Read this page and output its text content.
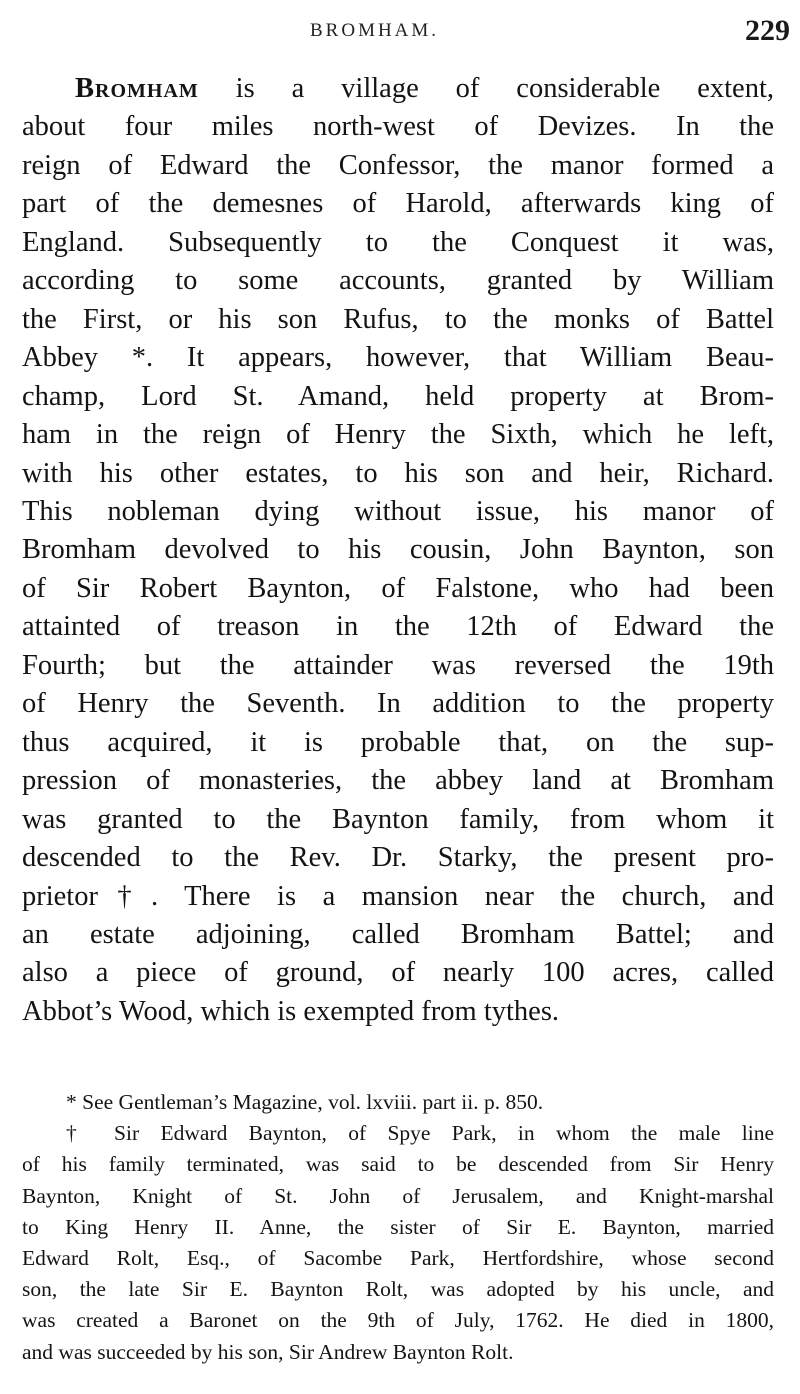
BROMHAM.	229
Bromham is a village of considerable extent,
about four miles north-west of Devizes. In the
reign of Edward the Confessor, the manor formed a
part of the demesnes of Harold, afterwards king of
England. Subsequently to the Conquest it was,
according to some accounts, granted by William
the First, or his son Rufus, to the monks of Battel
Abbey *. It appears, however, that William Beau-
champ, Lord St. Amand, held property at Brom-
ham in the reign of Henry the Sixth, which he left,
with his other estates, to his son and heir, Richard.
This nobleman dying without issue, his manor of
Bromham devolved to his cousin, John Baynton, son
of Sir Robert Baynton, of Falstone, who had been
attainted of treason in the 12th of Edward the
Fourth; but the attainder was reversed the 19th
of Henry the Seventh. In addition to the property
thus acquired, it is probable that, on the sup-
pression of monasteries, the abbey land at Bromham
was granted to the Baynton family, from whom it
descended to the Rev. Dr. Starky, the present pro-
prietor†. There is a mansion near the church, and
an estate adjoining, called Bromham Battel; and
also a piece of ground, of nearly 100 acres, called
Abbot’s Wood, which is exempted from tythes.
* See Gentleman’s Magazine, vol. lxviii. part ii. p. 850.
† Sir Edward Baynton, of Spye Park, in whom the male line
of his family terminated, was said to be descended from Sir Henry
Baynton, Knight of St. John of Jerusalem, and Knight-marshal
to King Henry II. Anne, the sister of Sir E. Baynton, married
Edward Rolt, Esq., of Sacombe Park, Hertfordshire, whose second
son, the late Sir E. Baynton Rolt, was adopted by his uncle, and
was created a Baronet on the 9th of July, 1762. He died in 1800,
and was succeeded by his son, Sir Andrew Baynton Rolt.
